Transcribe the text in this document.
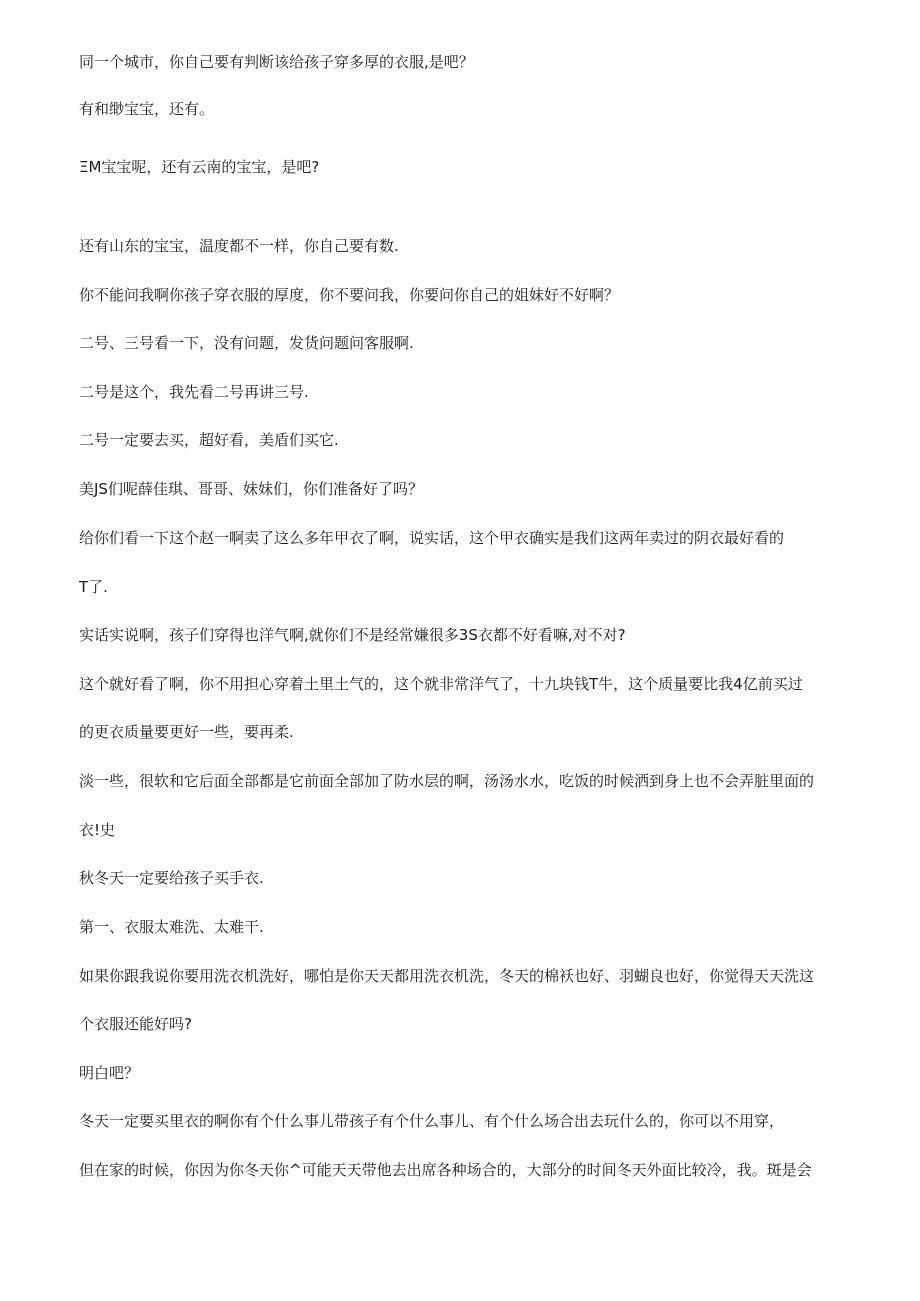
同一个城市，你自己要有判断该给孩子穿多厚的衣服,是吧？
有和缈宝宝，还有。
ΞM宝宝呢，还有云南的宝宝，是吧?
还有山东的宝宝，温度都不一样，你自己要有数.
你不能问我啊你孩子穿衣服的厚度，你不要问我，你要问你自己的姐妹好不好啊？
二号、三号看一下，没有问题，发货问题问客服啊.
二号是这个，我先看二号再讲三号.
二号一定要去买，超好看，美盾们买它.
美JS们呢薛佳琪、哥哥、妹妹们，你们准备好了吗？
给你们看一下这个赵一啊卖了这么多年甲衣了啊，说实话，这个甲衣确实是我们这两年卖过的阴衣最好看的
T了.
实话实说啊，孩子们穿得也洋气啊,就你们不是经常嫌很多3S衣都不好看嘛,对不对?
这个就好看了啊，你不用担心穿着土里土气的，这个就非常洋气了，十九块钱T牛，这个质量要比我4亿前买过
的更衣质量要更好一些，要再柔.
淡一些，很软和它后面全部都是它前面全部加了防水层的啊，汤汤水水，吃饭的时候洒到身上也不会弄脏里面的
衣!史
秋冬天一定要给孩子买手衣.
第一、衣服太难洗、太难干.
如果你跟我说你要用洗衣机洗好，哪怕是你天天都用洗衣机洗，冬天的棉袄也好、羽蝴良也好，你觉得天天洗这
个衣服还能好吗?
明白吧？
冬天一定要买里衣的啊你有个什么事儿带孩子有个什么事儿、有个什么场合出去玩什么的，你可以不用穿，
但在家的时候，你因为你冬天你^可能天天带他去出席各种场合的，大部分的时间冬天外面比较冷，我。斑是会
